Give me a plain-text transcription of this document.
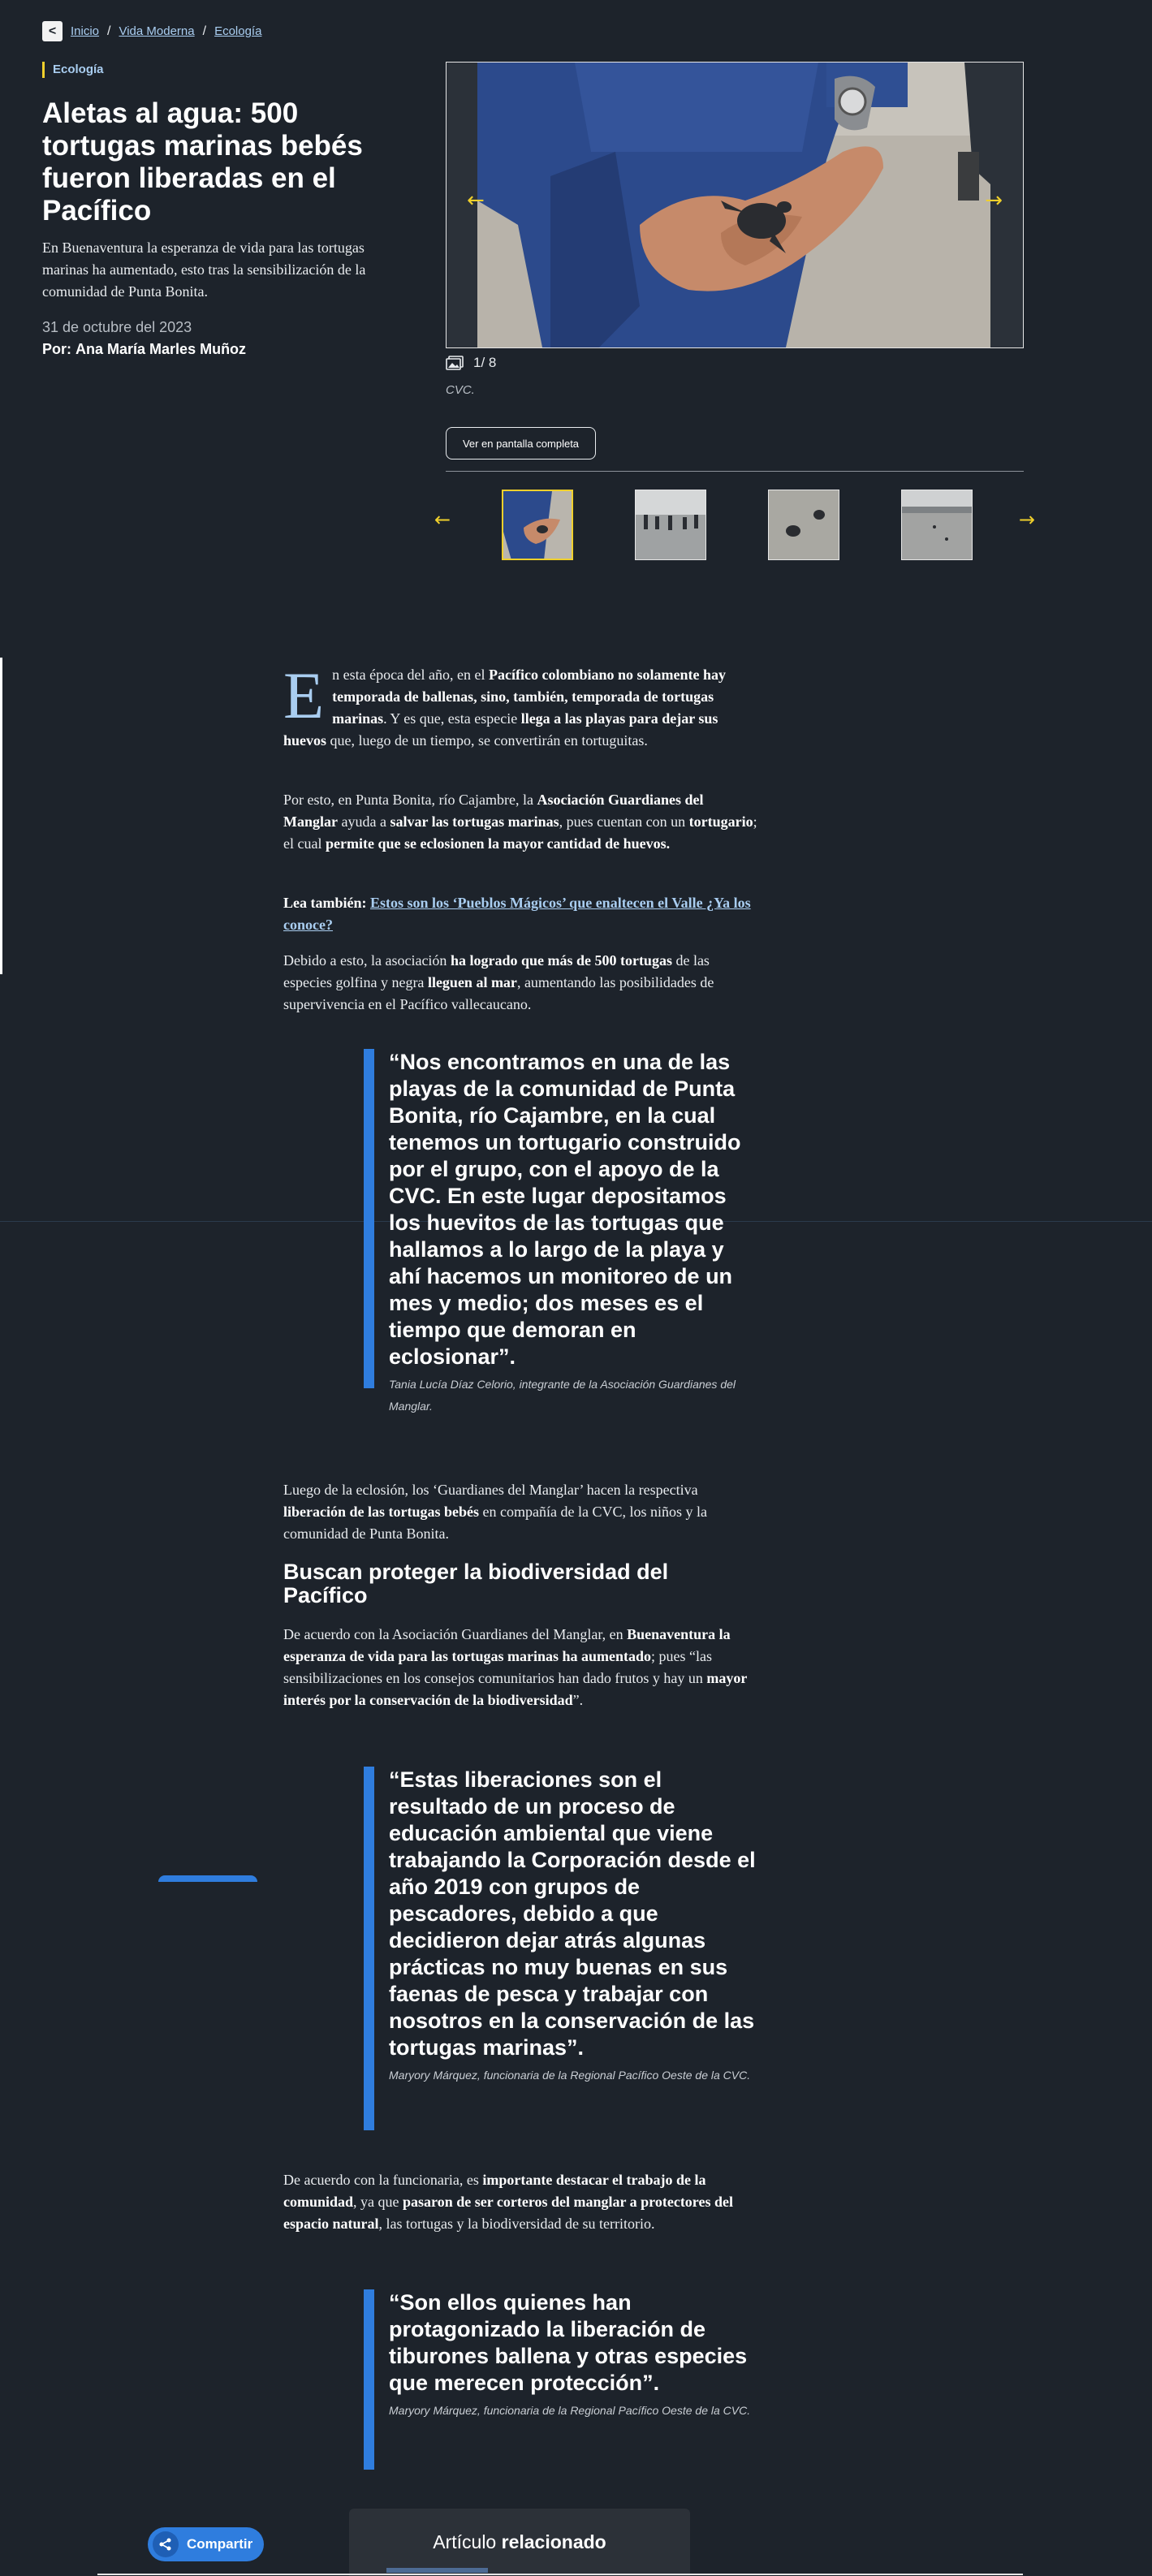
<	Inicio / Vida Moderna / Ecología
Ecología
Aletas al agua: 500 tortugas marinas bebés fueron liberadas en el Pacífico

En Buenaventura la esperanza de vida para las tortugas marinas ha aumentado, esto tras la sensibilización de la comunidad de Punta Bonita.

31 de octubre del 2023
Por: Ana María Marles Muñoz
←	→
1/ 8
CVC.
Ver en pantalla completa
←	→

E n esta época del año, en el Pacífico colombiano no solamente hay temporada de ballenas, sino, también, temporada de tortugas marinas. Y es que, esta especie llega a las playas para dejar sus huevos que, luego de un tiempo, se convertirán en tortuguitas.

Por esto, en Punta Bonita, río Cajambre, la Asociación Guardianes del Manglar ayuda a salvar las tortugas marinas, pues cuentan con un tortugario; el cual permite que se eclosionen la mayor cantidad de huevos.

Lea también: Estos son los ‘Pueblos Mágicos’ que enaltecen el Valle ¿Ya los conoce?

Debido a esto, la asociación ha logrado que más de 500 tortugas de las especies golfina y negra lleguen al mar, aumentando las posibilidades de supervivencia en el Pacífico vallecaucano.

“Nos encontramos en una de las playas de la comunidad de Punta Bonita, río Cajambre, en la cual tenemos un tortugario construido por el grupo, con el apoyo de la CVC. En este lugar depositamos los huevitos de las tortugas que hallamos a lo largo de la playa y ahí hacemos un monitoreo de un mes y medio; dos meses es el tiempo que demoran en eclosionar”.
Tania Lucía Díaz Celorio, integrante de la Asociación Guardianes del Manglar.

Luego de la eclosión, los ‘Guardianes del Manglar’ hacen la respectiva liberación de las tortugas bebés en compañía de la CVC, los niños y la comunidad de Punta Bonita.

Buscan proteger la biodiversidad del Pacífico

De acuerdo con la Asociación Guardianes del Manglar, en Buenaventura la esperanza de vida para las tortugas marinas ha aumentado; pues “las sensibilizaciones en los consejos comunitarios han dado frutos y hay un mayor interés por la conservación de la biodiversidad”.

“Estas liberaciones son el resultado de un proceso de educación ambiental que viene trabajando la Corporación desde el año 2019 con grupos de pescadores, debido a que decidieron dejar atrás algunas prácticas no muy buenas en sus faenas de pesca y trabajar con nosotros en la conservación de las tortugas marinas”.
Maryory Márquez, funcionaria de la Regional Pacífico Oeste de la CVC.

De acuerdo con la funcionaria, es importante destacar el trabajo de la comunidad, ya que pasaron de ser corteros del manglar a protectores del espacio natural, las tortugas y la biodiversidad de su territorio.

“Son ellos quienes han protagonizado la liberación de tiburones ballena y otras especies que merecen protección”.
Maryory Márquez, funcionaria de la Regional Pacífico Oeste de la CVC.
Compartir	Artículo relacionado
